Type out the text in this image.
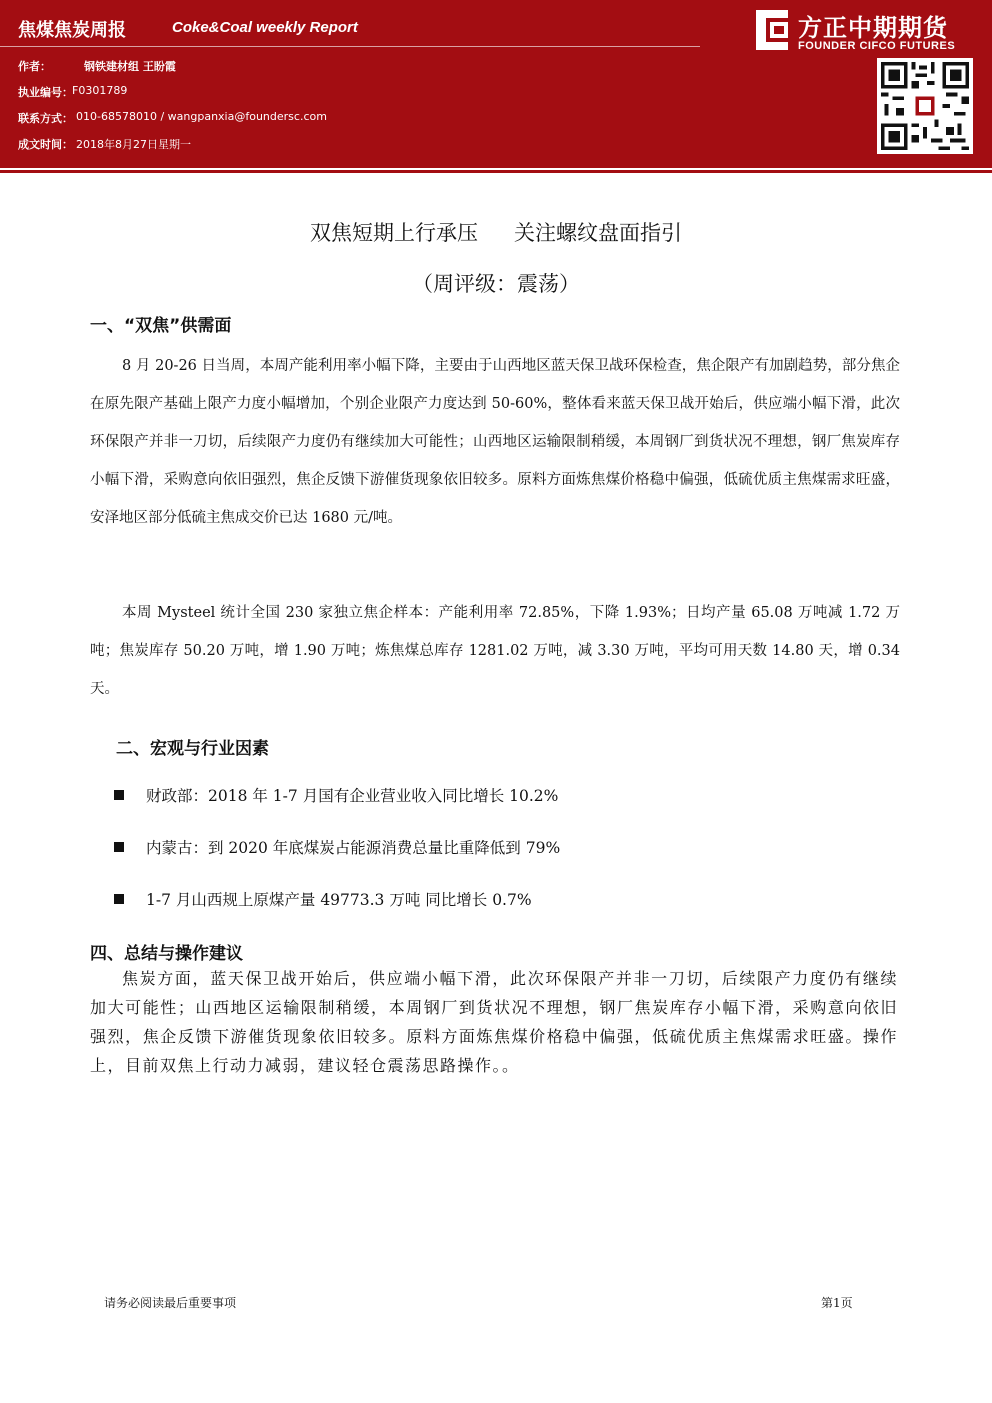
焦煤焦炭周报	Coke&Coal weekly Report
作者：	钢铁建材组 王盼霞
执业编号： F0301789
联系方式： 010-68578010 / wangpanxia@foundersc.com
成文时间： 2018年8月27日星期一
方正中期期货
FOUNDER CIFCO FUTURES
双焦短期上行承压 关注螺纹盘面指引
（周评级：震荡）
一、“双焦”供需面
8 月 20-26 日当周，本周产能利用率小幅下降，主要由于山西地区蓝天保卫战环保检查，焦企限产有加剧趋势，部分焦企在原先限产基础上限产力度小幅增加，个别企业限产力度达到 50-60%，整体看来蓝天保卫战开始后，供应端小幅下滑，此次环保限产并非一刀切，后续限产力度仍有继续加大可能性；山西地区运输限制稍缓，本周钢厂到货状况不理想，钢厂焦炭库存小幅下滑，采购意向依旧强烈，焦企反馈下游催货现象依旧较多。原料方面炼焦煤价格稳中偏强，低硫优质主焦煤需求旺盛，安泽地区部分低硫主焦成交价已达 1680 元/吨。
本周 Mysteel 统计全国 230 家独立焦企样本：产能利用率 72.85%，下降 1.93%；日均产量 65.08 万吨减 1.72 万吨；焦炭库存 50.20 万吨，增 1.90 万吨；炼焦煤总库存 1281.02 万吨，减 3.30 万吨，平均可用天数 14.80 天，增 0.34 天。
二、宏观与行业因素
财政部：2018 年 1-7 月国有企业营业收入同比增长 10.2%
内蒙古：到 2020 年底煤炭占能源消费总量比重降低到 79%
1-7 月山西规上原煤产量 49773.3 万吨 同比增长 0.7%
四、总结与操作建议
焦炭方面，蓝天保卫战开始后，供应端小幅下滑，此次环保限产并非一刀切，后续限产力度仍有继续加大可能性；山西地区运输限制稍缓，本周钢厂到货状况不理想，钢厂焦炭库存小幅下滑，采购意向依旧强烈，焦企反馈下游催货现象依旧较多。原料方面炼焦煤价格稳中偏强，低硫优质主焦煤需求旺盛。操作上，目前双焦上行动力减弱，建议轻仓震荡思路操作。。
请务必阅读最后重要事项	第1页
